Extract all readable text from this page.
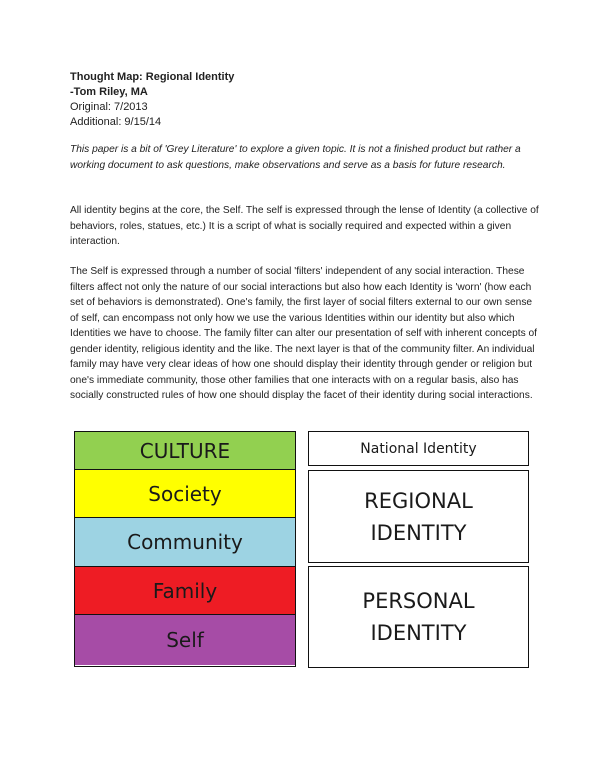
Thought Map: Regional Identity
-Tom Riley, MA
Original: 7/2013
Additional: 9/15/14
This paper is a bit of 'Grey Literature' to explore a given topic. It is not a finished product but rather a working document to ask questions, make observations and serve as a basis for future research.
All identity begins at the core, the Self. The self is expressed through the lense of Identity (a collective of behaviors, roles, statues, etc.) It is a script of what is socially required and expected within a given interaction.
The Self is expressed through a number of social 'filters' independent of any social interaction. These filters affect not only the nature of our social interactions but also how each Identity is 'worn' (how each set of behaviors is demonstrated). One's family, the first layer of social filters external to our own sense of self, can encompass not only how we use the various Identities within our identity but also which Identities we have to choose. The family filter can alter our presentation of self with inherent concepts of gender identity, religious identity and the like. The next layer is that of the community filter. An individual family may have very clear ideas of how one should display their identity through gender or religion but one's immediate community, those other families that one interacts with on a regular basis, also has socially constructed rules of how one should display the facet of their identity during social interactions.
CULTURE
Society
Community
Family
Self
National Identity
REGIONAL
IDENTITY
PERSONAL
IDENTITY
